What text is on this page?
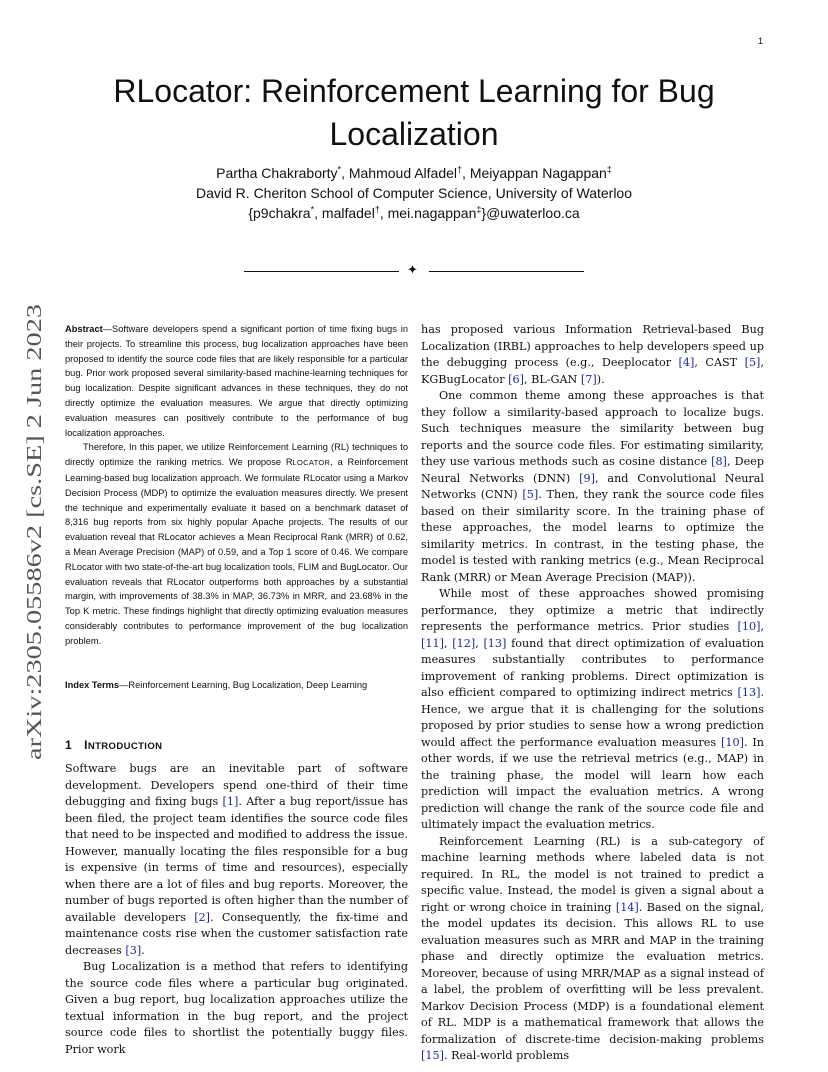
1
arXiv:2305.05586v2 [cs.SE] 2 Jun 2023
RLocator: Reinforcement Learning for Bug
Localization
Partha Chakraborty*, Mahmoud Alfadel†, Meiyappan Nagappan‡
David R. Cheriton School of Computer Science, University of Waterloo
{p9chakra*, malfadel†, mei.nagappan‡}@uwaterloo.ca
✦

Abstract—Software developers spend a significant portion of time fixing bugs in their projects. To streamline this process, bug localization approaches have been proposed to identify the source code files that are likely responsible for a particular bug. Prior work proposed several similarity-based machine-learning techniques for bug localization. Despite significant advances in these techniques, they do not directly optimize the evaluation measures. We argue that directly optimizing evaluation measures can positively contribute to the performance of bug localization approaches.

Therefore, In this paper, we utilize Reinforcement Learning (RL) techniques to directly optimize the ranking metrics. We propose RLOCATOR, a Reinforcement Learning-based bug localization approach. We formulate RLocator using a Markov Decision Process (MDP) to optimize the evaluation measures directly. We present the technique and experimentally evaluate it based on a benchmark dataset of 8,316 bug reports from six highly popular Apache projects. The results of our evaluation reveal that RLocator achieves a Mean Reciprocal Rank (MRR) of 0.62, a Mean Average Precision (MAP) of 0.59, and a Top 1 score of 0.46. We compare RLocator with two state-of-the-art bug localization tools, FLIM and BugLocator. Our evaluation reveals that RLocator outperforms both approaches by a substantial margin, with improvements of 38.3% in MAP, 36.73% in MRR, and 23.68% in the Top K metric. These findings highlight that directly optimizing evaluation measures considerably contributes to performance improvement of the bug localization problem.

Index Terms—Reinforcement Learning, Bug Localization, Deep Learning
1 INTRODUCTION

Software bugs are an inevitable part of software development. Developers spend one-third of their time debugging and fixing bugs [1]. After a bug report/issue has been filed, the project team identifies the source code files that need to be inspected and modified to address the issue. However, manually locating the files responsible for a bug is expensive (in terms of time and resources), especially when there are a lot of files and bug reports. Moreover, the number of bugs reported is often higher than the number of available developers [2]. Consequently, the fix-time and maintenance costs rise when the customer satisfaction rate decreases [3].

Bug Localization is a method that refers to identifying the source code files where a particular bug originated. Given a bug report, bug localization approaches utilize the textual information in the bug report, and the project source code files to shortlist the potentially buggy files. Prior work

has proposed various Information Retrieval-based Bug Localization (IRBL) approaches to help developers speed up the debugging process (e.g., Deeplocator [4], CAST [5], KGBugLocator [6], BL-GAN [7]).

One common theme among these approaches is that they follow a similarity-based approach to localize bugs. Such techniques measure the similarity between bug reports and the source code files. For estimating similarity, they use various methods such as cosine distance [8], Deep Neural Networks (DNN) [9], and Convolutional Neural Networks (CNN) [5]. Then, they rank the source code files based on their similarity score. In the training phase of these approaches, the model learns to optimize the similarity metrics. In contrast, in the testing phase, the model is tested with ranking metrics (e.g., Mean Reciprocal Rank (MRR) or Mean Average Precision (MAP)).

While most of these approaches showed promising performance, they optimize a metric that indirectly represents the performance metrics. Prior studies [10], [11], [12], [13] found that direct optimization of evaluation measures substantially contributes to performance improvement of ranking problems. Direct optimization is also efficient compared to optimizing indirect metrics [13]. Hence, we argue that it is challenging for the solutions proposed by prior studies to sense how a wrong prediction would affect the performance evaluation measures [10]. In other words, if we use the retrieval metrics (e.g., MAP) in the training phase, the model will learn how each prediction will impact the evaluation metrics. A wrong prediction will change the rank of the source code file and ultimately impact the evaluation metrics.

Reinforcement Learning (RL) is a sub-category of machine learning methods where labeled data is not required. In RL, the model is not trained to predict a specific value. Instead, the model is given a signal about a right or wrong choice in training [14]. Based on the signal, the model updates its decision. This allows RL to use evaluation measures such as MRR and MAP in the training phase and directly optimize the evaluation metrics. Moreover, because of using MRR/MAP as a signal instead of a label, the problem of overfitting will be less prevalent. Markov Decision Process (MDP) is a foundational element of RL. MDP is a mathematical framework that allows the formalization of discrete-time decision-making problems [15]. Real-world problems
